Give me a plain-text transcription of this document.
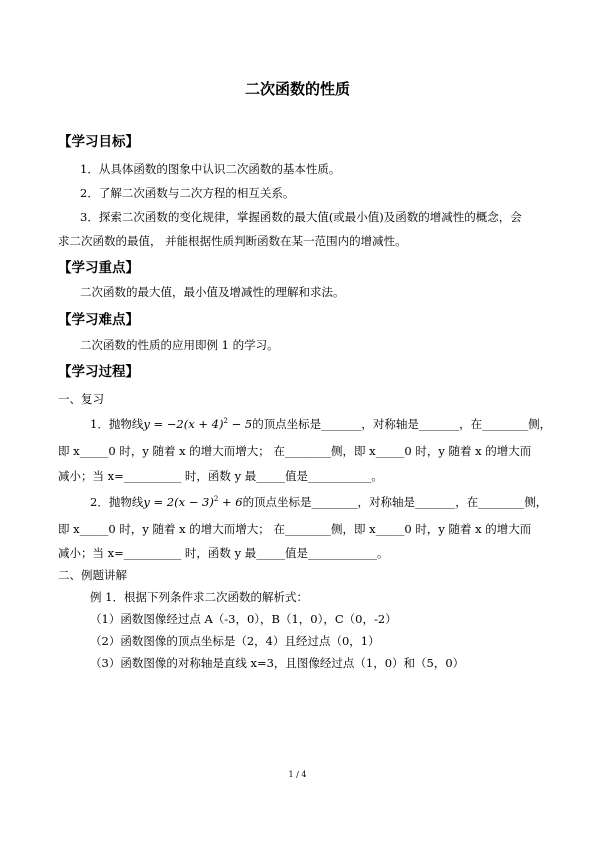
二次函数的性质
【学习目标】
1．从具体函数的图象中认识二次函数的基本性质。
2．了解二次函数与二次方程的相互关系。
3．探索二次函数的变化规律，掌握函数的最大值(或最小值)及函数的增减性的概念，会
求二次函数的最值， 并能根据性质判断函数在某一范围内的增减性。
【学习重点】
二次函数的最大值，最小值及增减性的理解和求法。
【学习难点】
二次函数的性质的应用即例 1 的学习。
【学习过程】
一、复习
1．抛物线$y = -2(x + 4)^2 - 5$的顶点坐标是_______，对称轴是_______，在________侧，
即 x_____0 时，y 随着 x 的增大而增大； 在________侧，即 x_____0 时，y 随着 x 的增大而
减小；当 x=__________ 时，函数 y 最_____值是___________。
2．抛物线$y = 2(x - 3)^2 + 6$的顶点坐标是________，对称轴是_______，在________侧，
即 x_____0 时，y 随着 x 的增大而增大； 在________侧，即 x_____0 时，y 随着 x 的增大而
减小；当 x=__________ 时，函数 y 最_____值是____________。
二、例题讲解
例 1．根据下列条件求二次函数的解析式：
（1）函数图像经过点 A（-3，0），B（1，0），C（0，-2）
（2）函数图像的顶点坐标是（2，4）且经过点（0，1）
（3）函数图像的对称轴是直线 x=3，且图像经过点（1，0）和（5，0）
1 / 4
